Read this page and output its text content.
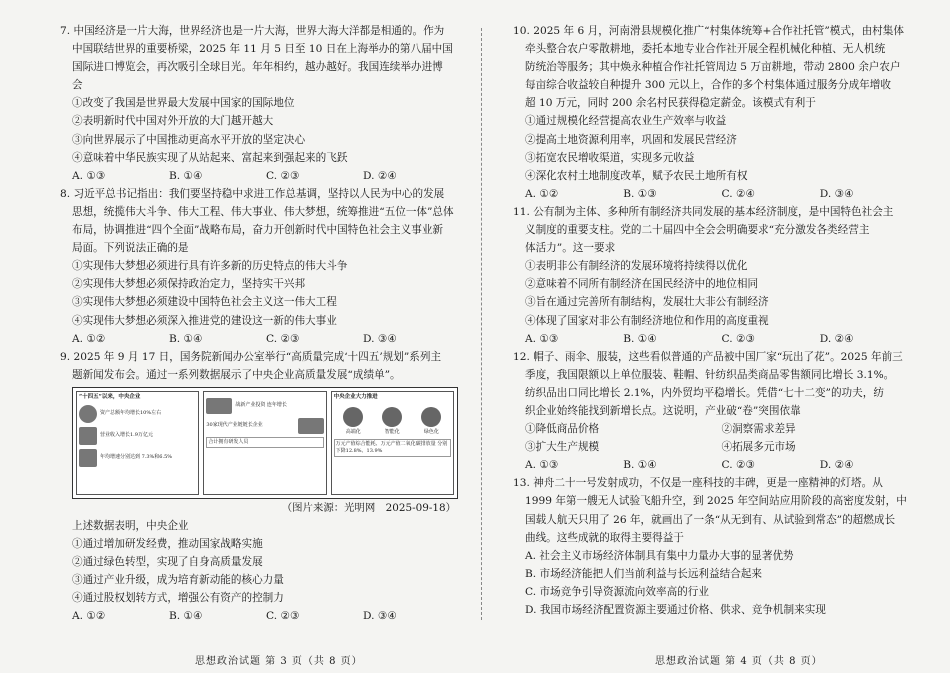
7. 中国经济是一片大海，世界经济也是一片大海，世界大海大洋都是相通的。作为
中国联结世界的重要桥梁，2025 年 11 月 5 日至 10 日在上海举办的第八届中国
国际进口博览会，再次吸引全球目光。年年相约，越办越好。我国连续举办进博
会
①改变了我国是世界最大发展中国家的国际地位
②表明新时代中国对外开放的大门越开越大
③向世界展示了中国推动更高水平开放的坚定决心
④意味着中华民族实现了从站起来、富起来到强起来的飞跃
A. ①③	B. ①④	C. ②③	D. ②④
8. 习近平总书记指出：我们要坚持稳中求进工作总基调，坚持以人民为中心的发展
思想，统揽伟大斗争、伟大工程、伟大事业、伟大梦想，统筹推进“五位一体”总体
布局，协调推进“四个全面”战略布局，奋力开创新时代中国特色社会主义事业新
局面。下列说法正确的是
①实现伟大梦想必须进行具有许多新的历史特点的伟大斗争
②实现伟大梦想必须保持政治定力，坚持实干兴邦
③实现伟大梦想必须建设中国特色社会主义这一伟大工程
④实现伟大梦想必须深入推进党的建设这一新的伟大事业
A. ①②	B. ①④	C. ②③	D. ③④
9. 2025 年 9 月 17 日，国务院新闻办公室举行“高质量完成‘十四五’规划”系列主
题新闻发布会。通过一系列数据展示了中央企业高质量发展“成绩单”。
“十四五”以来，中央企业
资产总额年均增长10%左右
营业收入增长1.9万亿元
年均增速分别达到 7.3%和6.5%
战新产业投资 连年增长
30家现代产业链链长企业
合计拥有研发人员
中央企业大力推进
高端化	智能化	绿色化
万元产值综合能耗、万元产值二氧化碳排放量 分别下降12.8%、13.9%
（图片来源：光明网　2025-09-18）
上述数据表明，中央企业
①通过增加研发经费，推动国家战略实施
②通过绿色转型，实现了自身高质量发展
③通过产业升级，成为培育新动能的核心力量
④通过股权划转方式，增强公有资产的控制力
A. ①②	B. ①④	C. ②③	D. ③④
10. 2025 年 6 月，河南滑县规模化推广“村集体统筹+合作社托管”模式，由村集体
牵头整合农户零散耕地，委托本地专业合作社开展全程机械化种植、无人机统
防统治等服务；其中焕永种植合作社托管周边 5 万亩耕地，带动 2800 余户农户
每亩综合收益较自种提升 300 元以上，合作的多个村集体通过服务分成年增收
超 10 万元，同时 200 余名村民获得稳定薪金。该模式有利于
①通过规模化经营提高农业生产效率与收益
②提高土地资源利用率，巩固和发展民营经济
③拓宽农民增收渠道，实现多元收益
④深化农村土地制度改革，赋予农民土地所有权
A. ①②	B. ①③	C. ②④	D. ③④
11. 公有制为主体、多种所有制经济共同发展的基本经济制度，是中国特色社会主
义制度的重要支柱。党的二十届四中全会会明确要求“充分激发各类经营主
体活力”。这一要求
①表明非公有制经济的发展环境将持续得以优化
②意味着不同所有制经济在国民经济中的地位相同
③旨在通过完善所有制结构，发展壮大非公有制经济
④体现了国家对非公有制经济地位和作用的高度重视
A. ①③	B. ①④	C. ②③	D. ②④
12. 帽子、雨伞、服装，这些看似普通的产品被中国厂家“玩出了花”。2025 年前三
季度，我国限额以上单位服装、鞋帽、针纺织品类商品零售额同比增长 3.1%。
纺织品出口同比增长 2.1%，内外贸均平稳增长。凭借“七十二变”的功夫，纺
织企业始终能找到新增长点。这说明，产业破“卷”突围依靠
①降低商品价格	②洞察需求差异
③扩大生产规模	④拓展多元市场
A. ①③	B. ①④	C. ②③	D. ②④
13. 神舟二十一号发射成功，不仅是一座科技的丰碑，更是一座精神的灯塔。从
1999 年第一艘无人试验飞船升空，到 2025 年空间站应用阶段的高密度发射，中
国载人航天只用了 26 年，就画出了一条“从无到有、从试验到常态”的超燃成长
曲线。这些成就的取得主要得益于
A. 社会主义市场经济体制具有集中力量办大事的显著优势
B. 市场经济能把人们当前利益与长远利益结合起来
C. 市场竞争引导资源流向效率高的行业
D. 我国市场经济配置资源主要通过价格、供求、竞争机制来实现
思想政治试题 第 3 页（共 8 页）	思想政治试题 第 4 页（共 8 页）
